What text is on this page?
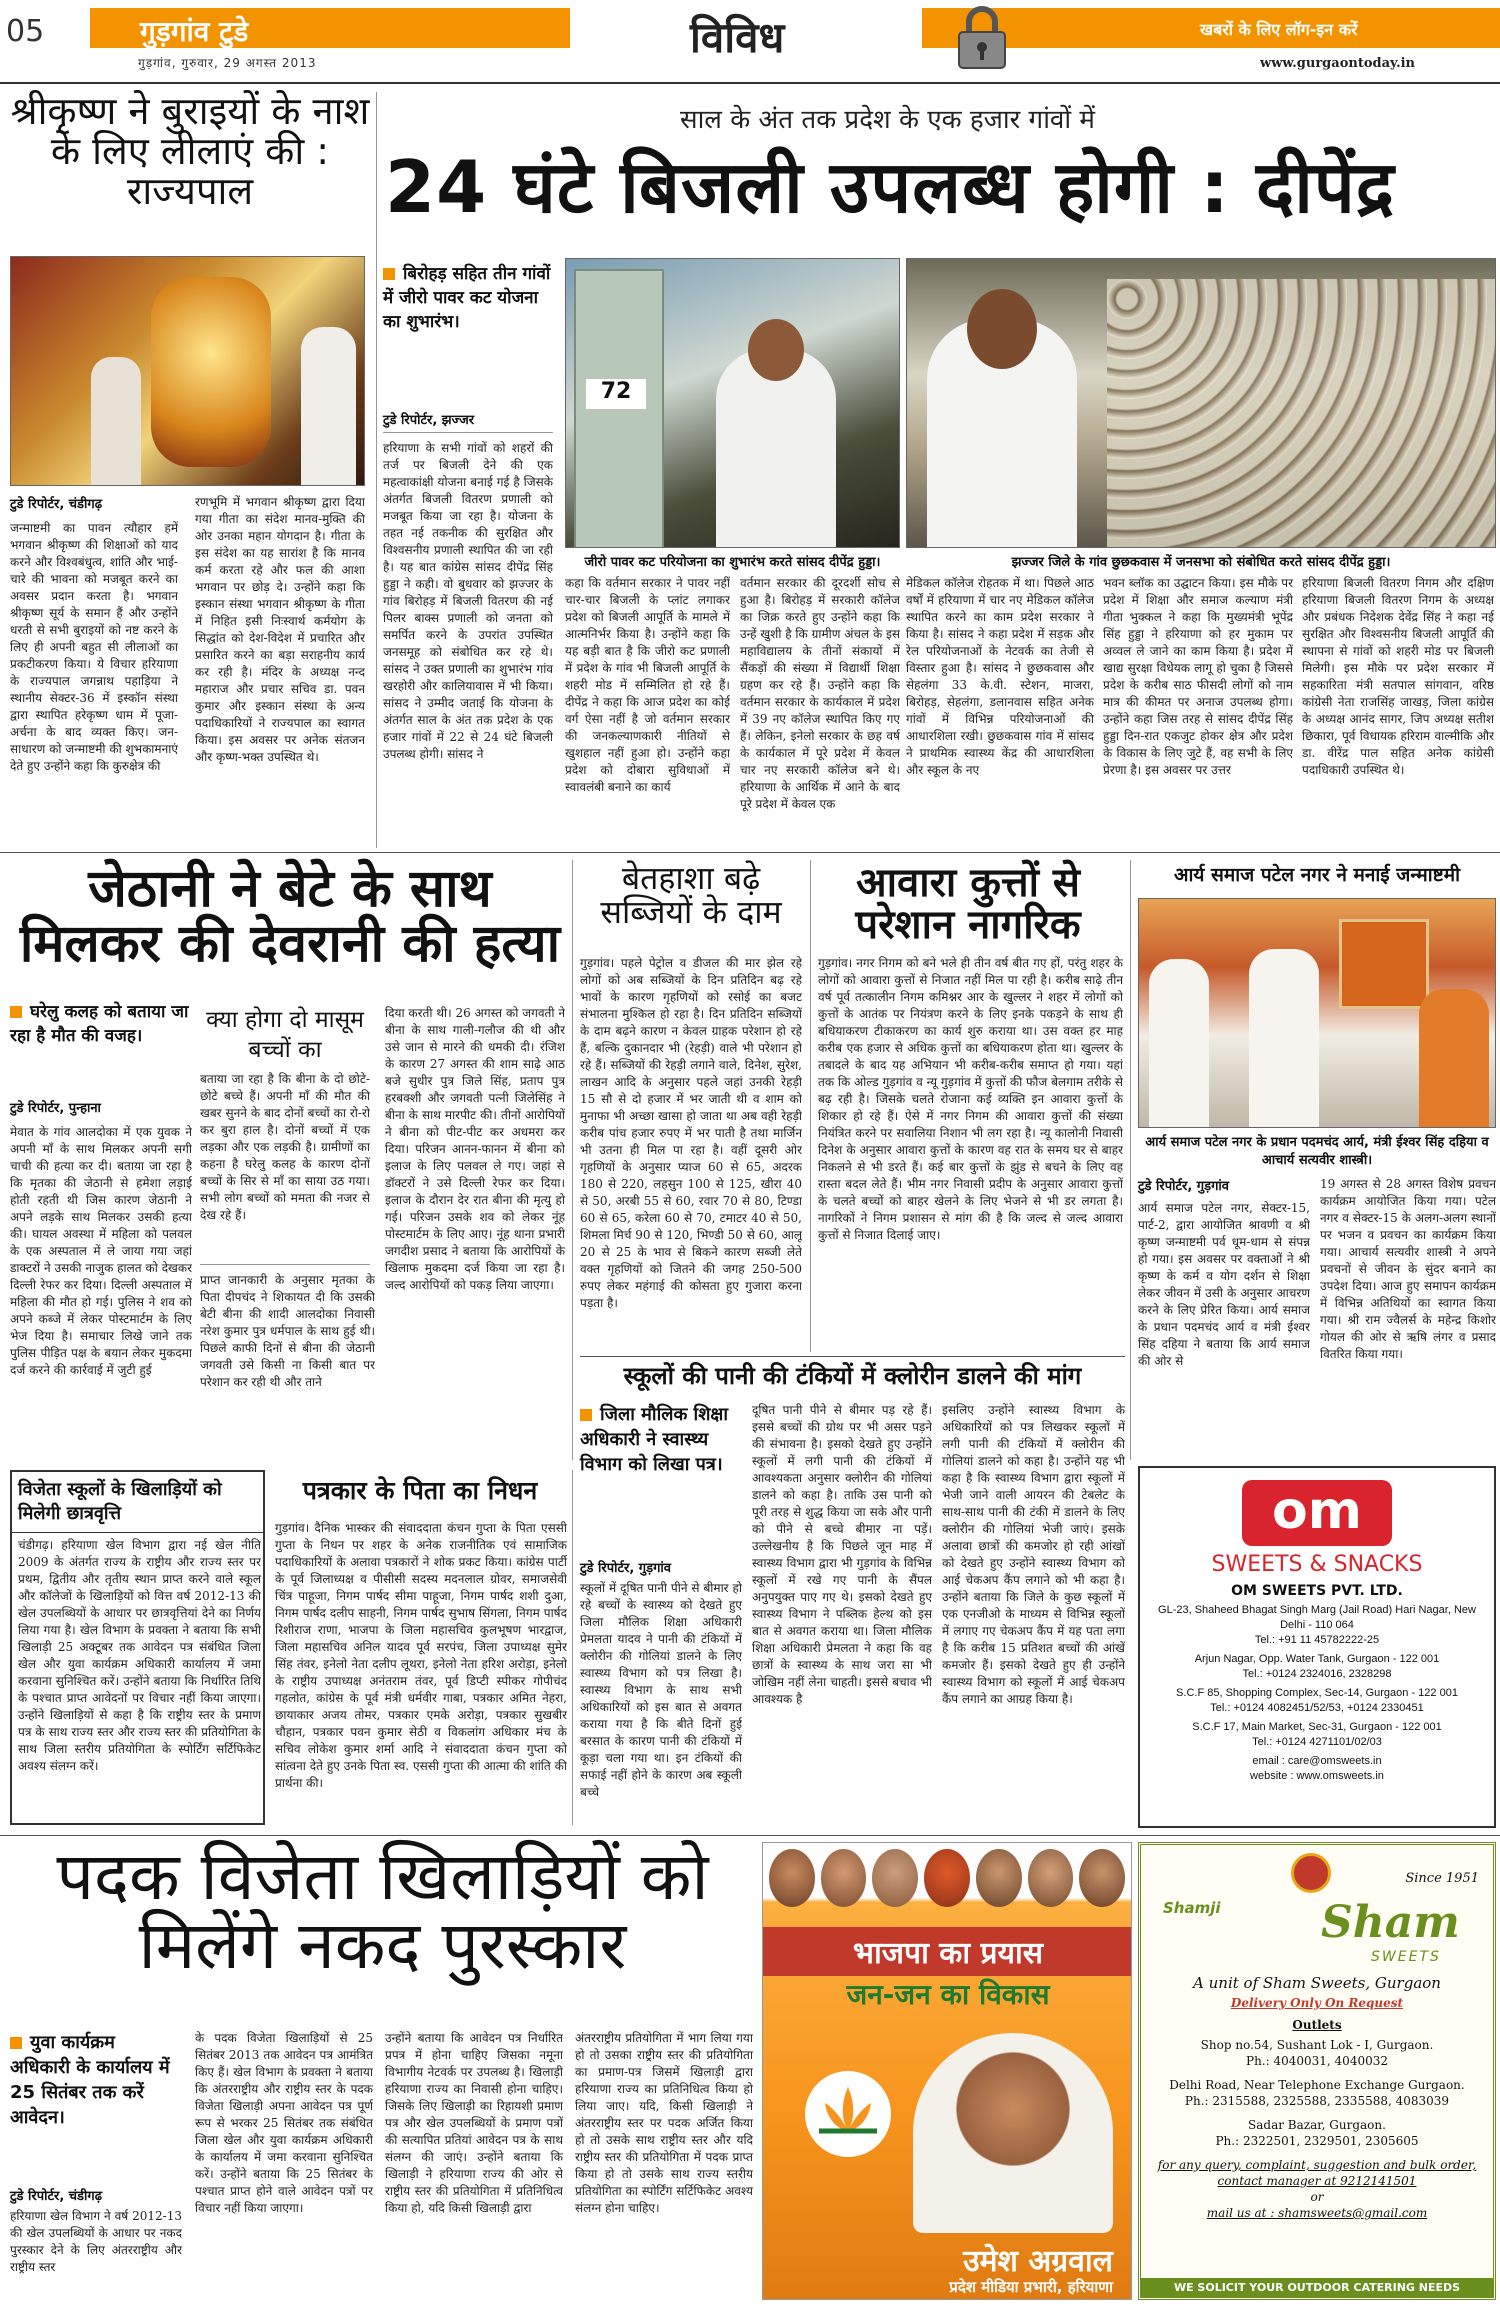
05	गुड़गांव टुडे
गुड़गांव, गुरुवार, 29 अगस्त 2013
विविध	खबरों के लिए लॉग-इन करें
www.gurgaontoday.in
श्रीकृष्ण ने बुराइयों के नाश के लिए लीलाएं की : राज्यपाल
टुडे रिपोर्टर, चंडीगढ़
जन्माष्टमी का पावन त्यौहार हमें भगवान श्रीकृष्ण की शिक्षाओं को याद करने और विश्वबंधुत्व, शांति और भाई-चारे की भावना को मजबूत करने का अवसर प्रदान करता है। भगवान श्रीकृष्ण सूर्य के समान हैं और उन्होंने धरती से सभी बुराइयों को नष्ट करने के लिए ही अपनी बहुत सी लीलाओं का प्रकटीकरण किया। ये विचार हरियाणा के राज्यपाल जगन्नाथ पहाड़िया ने स्थानीय सेक्टर-36 में इस्कॉन संस्था द्वारा स्थापित हरेकृष्ण धाम में पूजा-अर्चना के बाद व्यक्त किए। जन-साधारण को जन्माष्टमी की शुभकामनाएं देते हुए उन्होंने कहा कि कुरुक्षेत्र की
रणभूमि में भगवान श्रीकृष्ण द्वारा दिया गया गीता का संदेश मानव-मुक्ति की ओर उनका महान योगदान है। गीता के इस संदेश का यह सारांश है कि मानव कर्म करता रहे और फल की आशा भगवान पर छोड़ दे। उन्होंने कहा कि इस्कान संस्था भगवान श्रीकृष्ण के गीता में निहित इसी निःस्वार्थ कर्मयोग के सिद्धांत को देश-विदेश में प्रचारित और प्रसारित करने का बड़ा सराहनीय कार्य कर रही है। मंदिर के अध्यक्ष नन्द महाराज और प्रचार सचिव डा. पवन कुमार और इस्कान संस्था के अन्य पदाधिकारियों ने राज्यपाल का स्वागत किया। इस अवसर पर अनेक संतजन और कृष्ण-भक्त उपस्थित थे।
साल के अंत तक प्रदेश के एक हजार गांवों में
24 घंटे बिजली उपलब्ध होगी : दीपेंद्र
बिरोहड़ सहित तीन गांवों में जीरो पावर कट योजना का शुभारंभ।
टुडे रिपोर्टर, झज्जर
हरियाणा के सभी गांवों को शहरों की तर्ज पर बिजली देने की एक महत्वाकांक्षी योजना बनाई गई है जिसके अंतर्गत बिजली वितरण प्रणाली को मजबूत किया जा रहा है। योजना के तहत नई तकनीक की सुरक्षित और विश्वसनीय प्रणाली स्थापित की जा रही है। यह बात कांग्रेस सांसद दीपेंद्र सिंह हुड्डा ने कही। वो बुधवार को झज्जर के गांव बिरोहड़ में बिजली वितरण की नई पिलर बाक्स प्रणाली को जनता को समर्पित करने के उपरांत उपस्थित जनसमूह को संबोधित कर रहे थे। सांसद ने उक्त प्रणाली का शुभारंभ गांव खरहोरी और कालियावास में भी किया। सांसद ने उम्मीद जताई कि योजना के अंतर्गत साल के अंत तक प्रदेश के एक हजार गांवों में 22 से 24 घंटे बिजली उपलब्ध होगी। सांसद ने
72
जीरो पावर कट परियोजना का शुभारंभ करते सांसद दीपेंद्र हुड्डा।	झज्जर जिले के गांव छुछकवास में जनसभा को संबोधित करते सांसद दीपेंद्र हुड्डा।
कहा कि वर्तमान सरकार ने पावर नहीं चार-चार बिजली के प्लांट लगाकर प्रदेश को बिजली आपूर्ति के मामले में आत्मनिर्भर किया है। उन्होंने कहा कि यह बड़ी बात है कि जीरो कट प्रणाली में प्रदेश के गांव भी बिजली आपूर्ति के शहरी मोड में सम्मिलित हो रहे हैं। दीपेंद्र ने कहा कि आज प्रदेश का कोई वर्ग ऐसा नहीं है जो वर्तमान सरकार की जनकल्याणकारी नीतियों से खुशहाल नहीं हुआ हो। उन्होंने कहा प्रदेश को दोबारा सुविधाओं में स्वावलंबी बनाने का कार्य
वर्तमान सरकार की दूरदर्शी सोच से हुआ है। बिरोहड़ में सरकारी कॉलेज का जिक्र करते हुए उन्होंने कहा कि उन्हें खुशी है कि ग्रामीण अंचल के इस महाविद्यालय के तीनों संकायों में सैंकड़ों की संख्या में विद्यार्थी शिक्षा ग्रहण कर रहे हैं। उन्होंने कहा कि वर्तमान सरकार के कार्यकाल में प्रदेश में 39 नए कॉलेज स्थापित किए गए हैं। लेकिन, इनेलो सरकार के छह वर्ष के कार्यकाल में पूरे प्रदेश में केवल चार नए सरकारी कॉलेज बने थे। हरियाणा के आर्थिक में आने के बाद पूरे प्रदेश में केवल एक
मेडिकल कॉलेज रोहतक में था। पिछले आठ वर्षों में हरियाणा में चार नए मेडिकल कॉलेज स्थापित करने का काम प्रदेश सरकार ने किया है। सांसद ने कहा प्रदेश में सड़क और रेल परियोजनाओं के नेटवर्क का तेजी से विस्तार हुआ है। सांसद ने छुछकवास और सेहलंगा 33 के.वी. स्टेशन, माजरा, बिरोहड़, सेहलंगा, डलानवास सहित अनेक गांवों में विभिन्न परियोजनाओं की आधारशिला रखी। छुछकवास गांव में सांसद ने प्राथमिक स्वास्थ्य केंद्र की आधारशिला और स्कूल के नए
भवन ब्लॉक का उद्घाटन किया। इस मौके पर प्रदेश में शिक्षा और समाज कल्याण मंत्री गीता भुक्कल ने कहा कि मुख्यमंत्री भूपेंद्र सिंह हुड्डा ने हरियाणा को हर मुकाम पर अव्वल ले जाने का काम किया है। प्रदेश में खाद्य सुरक्षा विधेयक लागू हो चुका है जिससे प्रदेश के करीब साठ फीसदी लोगों को नाम मात्र की कीमत पर अनाज उपलब्ध होगा। उन्होंने कहा जिस तरह से सांसद दीपेंद्र सिंह हुड्डा दिन-रात एकजुट होकर क्षेत्र और प्रदेश के विकास के लिए जुटे हैं, वह सभी के लिए प्रेरणा है। इस अवसर पर उत्तर
हरियाणा बिजली वितरण निगम और दक्षिण हरियाणा बिजली वितरण निगम के अध्यक्ष और प्रबंधक निदेशक देवेंद्र सिंह ने कहा नई सुरक्षित और विश्वसनीय बिजली आपूर्ति की स्थापना से गांवों को शहरी मोड पर बिजली मिलेगी। इस मौके पर प्रदेश सरकार में सहकारिता मंत्री सतपाल सांगवान, वरिष्ठ कांग्रेसी नेता राजसिंह जाखड़, जिला कांग्रेस के अध्यक्ष आनंद सागर, जिप अध्यक्ष सतीश छिकारा, पूर्व विधायक हरिराम वाल्मीकि और डा. वीरेंद्र पाल सहित अनेक कांग्रेसी पदाधिकारी उपस्थित थे।
जेठानी ने बेटे के साथ मिलकर की देवरानी की हत्या
घरेलु कलह को बताया जा रहा है मौत की वजह।
टुडे रिपोर्टर, पुन्हाना
मेवात के गांव आलदोका में एक युवक ने अपनी माँ के साथ मिलकर अपनी सगी चाची की हत्या कर दी। बताया जा रहा है कि मृतका की जेठानी से हमेशा लड़ाई होती रहती थी जिस कारण जेठानी ने अपने लड़के साथ मिलकर उसकी हत्या की। घायल अवस्था में महिला को पलवल के एक अस्पताल में ले जाया गया जहां डाक्टरों ने उसकी नाजुक हालत को देखकर दिल्ली रेफर कर दिया। दिल्ली अस्पताल में महिला की मौत हो गई। पुलिस ने शव को अपने कब्जे में लेकर पोस्टमार्टम के लिए भेज दिया है। समाचार लिखे जाने तक पुलिस पीड़ित पक्ष के बयान लेकर मुकदमा दर्ज करने की कार्रवाई में जुटी हुई
क्या होगा दो मासूम बच्चों का
बताया जा रहा है कि बीना के दो छोटे-छोटे बच्चे हैं। अपनी माँ की मौत की खबर सुनने के बाद दोनों बच्चों का रो-रो कर बुरा हाल है। दोनों बच्चों में एक लड़का और एक लड़की है। ग्रामीणों का कहना है घरेलु कलह के कारण दोनों बच्चों के सिर से माँ का साया उठ गया। सभी लोग बच्चों को ममता की नजर से देख रहे हैं।
प्राप्त जानकारी के अनुसार मृतका के पिता दीपचंद ने शिकायत दी कि उसकी बेटी बीना की शादी आलदोका निवासी नरेश कुमार पुत्र धर्मपाल के साथ हुई थी। पिछले काफी दिनों से बीना की जेठानी जगवती उसे किसी ना किसी बात पर परेशान कर रही थी और ताने
दिया करती थी। 26 अगस्त को जगवती ने बीना के साथ गाली-गलौज की थी और उसे जान से मारने की धमकी दी। रंजिश के कारण 27 अगस्त की शाम साढ़े आठ बजे सुधीर पुत्र जिले सिंह, प्रताप पुत्र हरबक्शी और जगवती पत्नी जिलेसिंह ने बीना के साथ मारपीट की। तीनों आरोपियों ने बीना को पीट-पीट कर अधमरा कर दिया। परिजन आनन-फानन में बीना को इलाज के लिए पलवल ले गए। जहां से डॉक्टरों ने उसे दिल्ली रेफर कर दिया। इलाज के दौरान देर रात बीना की मृत्यु हो गई। परिजन उसके शव को लेकर नूंह पोस्टमार्टम के लिए आए। नूंह थाना प्रभारी जगदीश प्रसाद ने बताया कि आरोपियों के खिलाफ मुकदमा दर्ज किया जा रहा है। जल्द आरोपियों को पकड़ लिया जाएगा।
बेतहाशा बढ़े सब्जियों के दाम
गुड़गांव। पहले पेट्रोल व डीजल की मार झेल रहे लोगों को अब सब्जियों के दिन प्रतिदिन बढ़ रहे भावों के कारण गृहणियों को रसोई का बजट संभालना मुश्किल हो रहा है। दिन प्रतिदिन सब्जियों के दाम बढ़ने कारण न केवल ग्राहक परेशान हो रहे हैं, बल्कि दुकानदार भी (रेहड़ी) वाले भी परेशान हो रहे हैं। सब्जियों की रेहड़ी लगाने वाले, दिनेश, सुरेश, लाखन आदि के अनुसार पहले जहां उनकी रेहड़ी 15 सौ से दो हजार में भर जाती थी व शाम को मुनाफा भी अच्छा खासा हो जाता था अब वही रेहड़ी करीब पांच हजार रुपए में भर पाती है तथा मार्जिन भी उतना ही मिल पा रहा है। वहीं दूसरी ओर गृहणियों के अनुसार प्याज 60 से 65, अदरक 180 से 220, लहसुन 100 से 125, खीरा 40 से 50, अरबी 55 से 60, रवार 70 से 80, टिण्डा 60 से 65, करेला 60 से 70, टमाटर 40 से 50, शिमला मिर्च 90 से 120, भिण्डी 50 से 60, आलू 20 से 25 के भाव से बिकने कारण सब्जी लेते वक्त गृहणियों को जितने की जगह 250-500 रुपए लेकर महंगाई की कोसता हुए गुजारा करना पड़ता है।
आवारा कुत्तों से परेशान नागरिक
गुड़गांव। नगर निगम को बने भले ही तीन वर्ष बीत गए हों, परंतु शहर के लोगों को आवारा कुत्तों से निजात नहीं मिल पा रही है। करीब साढ़े तीन वर्ष पूर्व तत्कालीन निगम कमिश्नर आर के खुल्लर ने शहर में लोगों को कुत्तों के आतंक पर नियंत्रण करने के लिए इनके पकड़ने के साथ ही बधियाकरण टीकाकरण का कार्य शुरु कराया था। उस वक्त हर माह करीब एक हजार से अधिक कुत्तों का बधियाकरण होता था। खुल्लर के तबादले के बाद यह अभियान भी करीब-करीब समाप्त हो गया। यहां तक कि ओल्ड गुड़गांव व न्यू गुड़गांव में कुत्तों की फौज बेलगाम तरीके से बढ़ रही है। जिसके चलते रोजाना कई व्यक्ति इन आवारा कुत्तों के शिकार हो रहे हैं। ऐसे में नगर निगम की आवारा कुत्तों की संख्या नियंत्रित करने पर सवालिया निशान भी लग रहा है। न्यू कालोनी निवासी दिनेश के अनुसार आवारा कुत्तों के कारण वह रात के समय घर से बाहर निकलने से भी डरते हैं। कई बार कुत्तों के झुंड से बचने के लिए वह रास्ता बदल लेते हैं। भीम नगर निवासी प्रदीप के अनुसार आवारा कुत्तों के चलते बच्चों को बाहर खेलने के लिए भेजने से भी डर लगता है। नागरिकों ने निगम प्रशासन से मांग की है कि जल्द से जल्द आवारा कुत्तों से निजात दिलाई जाए।
आर्य समाज पटेल नगर ने मनाई जन्माष्टमी
आर्य समाज पटेल नगर के प्रधान पदमचंद आर्य, मंत्री ईश्वर सिंह दहिया व आचार्य सत्यवीर शास्त्री।
टुडे रिपोर्टर, गुड़गांव
आर्य समाज पटेल नगर, सेक्टर-15, पार्ट-2, द्वारा आयोजित श्रावणी व श्री कृष्ण जन्माष्टमी पर्व धूम-धाम से संपन्न हो गया। इस अवसर पर वक्ताओं ने श्री कृष्ण के कर्म व योग दर्शन से शिक्षा लेकर जीवन में उसी के अनुसार आचरण करने के लिए प्रेरित किया। आर्य समाज के प्रधान पदमचंद आर्य व मंत्री ईश्वर सिंह दहिया ने बताया कि आर्य समाज की ओर से
19 अगस्त से 28 अगस्त विशेष प्रवचन कार्यक्रम आयोजित किया गया। पटेल नगर व सेक्टर-15 के अलग-अलग स्थानों पर भजन व प्रवचन का कार्यक्रम किया गया। आचार्य सत्यवीर शास्त्री ने अपने प्रवचनों से जीवन के सुंदर बनाने का उपदेश दिया। आज हुए समापन कार्यक्रम में विभिन्न अतिथियों का स्वागत किया गया। श्री राम ज्वैलर्स के महेन्द्र किशोर गोयल की ओर से ऋषि लंगर व प्रसाद वितरित किया गया।
स्कूलों की पानी की टंकियों में क्लोरीन डालने की मांग
जिला मौलिक शिक्षा अधिकारी ने स्वास्थ्य विभाग को लिखा पत्र।
टुडे रिपोर्टर, गुड़गांव
स्कूलों में दूषित पानी पीने से बीमार हो रहे बच्चों के स्वास्थ्य को देखते हुए जिला मौलिक शिक्षा अधिकारी प्रेमलता यादव ने पानी की टंकियों में क्लोरीन की गोलियां डालने के लिए स्वास्थ्य विभाग को पत्र लिखा है। स्वास्थ्य विभाग के साथ सभी अधिकारियों को इस बात से अवगत कराया गया है कि बीते दिनों हुई बरसात के कारण पानी की टंकियों में कूड़ा चला गया था। इन टंकियों की सफाई नहीं होने के कारण अब स्कूली बच्चे
दूषित पानी पीने से बीमार पड़ रहे हैं। इससे बच्चों की ग्रोथ पर भी असर पड़ने की संभावना है। इसको देखते हुए उन्होंने स्कूलों में लगी पानी की टंकियों में आवश्यकता अनुसार क्लोरीन की गोलियां डालने को कहा है। ताकि उस पानी को पूरी तरह से शुद्ध किया जा सके और पानी को पीने से बच्चे बीमार ना पड़ें। उल्लेखनीय है कि पिछले जून माह में स्वास्थ्य विभाग द्वारा भी गुड़गांव के विभिन्न स्कूलों में रखे गए पानी के सैंपल अनुपयुक्त पाए गए थे। इसको देखते हुए स्वास्थ्य विभाग ने पब्लिक हेल्थ को इस बात से अवगत कराया था। जिला मौलिक शिक्षा अधिकारी प्रेमलता ने कहा कि वह छात्रों के स्वास्थ्य के साथ जरा सा भी जोखिम नहीं लेना चाहती। इससे बचाव भी आवश्यक है
इसलिए उन्होंने स्वास्थ्य विभाग के अधिकारियों को पत्र लिखकर स्कूलों में लगी पानी की टंकियों में क्लोरीन की गोलियां डालने को कहा है। उन्होंने यह भी कहा है कि स्वास्थ्य विभाग द्वारा स्कूलों में भेजी जाने वाली आयरन की टेबलेट के साथ-साथ पानी की टंकी में डालने के लिए क्लोरीन की गोलियां भेजी जाएं। इसके अलावा छात्रों की कमजोर हो रही आंखों को देखते हुए उन्होंने स्वास्थ्य विभाग को आई चेकअप कैंप लगाने को भी कहा है। उन्होंने बताया कि जिले के कुछ स्कूलों में एक एनजीओ के माध्यम से विभिन्न स्कूलों में लगाए गए चेकअप कैंप में यह पता लगा है कि करीब 15 प्रतिशत बच्चों की आंखें कमजोर हैं। इसको देखते हुए ही उन्होंने स्वास्थ्य विभाग को स्कूलों में आई चेकअप कैंप लगाने का आग्रह किया है।
विजेता स्कूलों के खिलाड़ियों को मिलेगी छात्रवृत्ति
चंडीगढ़। हरियाणा खेल विभाग द्वारा नई खेल नीति 2009 के अंतर्गत राज्य के राष्ट्रीय और राज्य स्तर पर प्रथम, द्वितीय और तृतीय स्थान प्राप्त करने वाले स्कूल और कॉलेजों के खिलाड़ियों को वित्त वर्ष 2012-13 की खेल उपलब्धियों के आधार पर छात्रवृत्तियां देने का निर्णय लिया गया है। खेल विभाग के प्रवक्ता ने बताया कि सभी खिलाड़ी 25 अक्टूबर तक आवेदन पत्र संबंधित जिला खेल और युवा कार्यक्रम अधिकारी कार्यालय में जमा करवाना सुनिश्चित करें। उन्होंने बताया कि निर्धारित तिथि के पश्चात प्राप्त आवेदनों पर विचार नहीं किया जाएगा। उन्होंने खिलाड़ियों से कहा है कि राष्ट्रीय स्तर के प्रमाण पत्र के साथ राज्य स्तर और राज्य स्तर की प्रतियोगिता के साथ जिला स्तरीय प्रतियोगिता के स्पोर्टिंग सर्टिफिकेट अवश्य संलग्न करें।
पत्रकार के पिता का निधन
गुड़गांव। दैनिक भास्कर की संवाददाता कंचन गुप्ता के पिता एससी गुप्ता के निधन पर शहर के अनेक राजनीतिक एवं सामाजिक पदाधिकारियों के अलावा पत्रकारों ने शोक प्रकट किया। कांग्रेस पार्टी के पूर्व जिलाध्यक्ष व पीसीसी सदस्य मदनलाल ग्रोवर, समाजसेवी चिंत्र पाहूजा, निगम पार्षद सीमा पाहूजा, निगम पार्षद शशी दुआ, निगम पार्षद दलीप साहनी, निगम पार्षद सुभाष सिंगला, निगम पार्षद रिशीराज राणा, भाजपा के जिला महासचिव कुलभूषण भारद्वाज, जिला महासचिव अनिल यादव पूर्व सरपंच, जिला उपाध्यक्ष सुमेर सिंह तंवर, इनेलो नेता दलीप लूथरा, इनेलो नेता हरिश अरोड़ा, इनेलो के राष्ट्रीय उपाध्यक्ष अनंतराम तंवर, पूर्व डिप्टी स्पीकर गोपीचंद गहलोत, कांग्रेस के पूर्व मंत्री धर्मवीर गाबा, पत्रकार अमित नेहरा, छायाकार अजय तोमर, पत्रकार एमके अरोड़ा, पत्रकार सुखबीर चौहान, पत्रकार पवन कुमार सेठी व विकलांग अधिकार मंच के सचिव लोकेश कुमार शर्मा आदि ने संवाददाता कंचन गुप्ता को सांत्वना देते हुए उनके पिता स्व. एससी गुप्ता की आत्मा की शांति की प्रार्थना की।
om
SWEETS & SNACKS
OM SWEETS PVT. LTD.
GL-23, Shaheed Bhagat Singh Marg (Jail Road) Hari Nagar, New Delhi - 110 064
Tel.: +91 11 45782222-25
Arjun Nagar, Opp. Water Tank, Gurgaon - 122 001
Tel.: +0124 2324016, 2328298
S.C.F 85, Shopping Complex, Sec-14, Gurgaon - 122 001
Tel.: +0124 4082451/52/53, +0124 2330451
S.C.F 17, Main Market, Sec-31, Gurgaon - 122 001
Tel.: +0124 4271101/02/03
email : care@omsweets.in
website : www.omsweets.in
पदक विजेता खिलाड़ियों को मिलेंगे नकद पुरस्कार
युवा कार्यक्रम अधिकारी के कार्यालय में 25 सितंबर तक करें आवेदन।
टुडे रिपोर्टर, चंडीगढ़
हरियाणा खेल विभाग ने वर्ष 2012-13 की खेल उपलब्धियों के आधार पर नकद पुरस्कार देने के लिए अंतरराष्ट्रीय और राष्ट्रीय स्तर
के पदक विजेता खिलाड़ियों से 25 सितंबर 2013 तक आवेदन पत्र आमंत्रित किए हैं। खेल विभाग के प्रवक्ता ने बताया कि अंतरराष्ट्रीय और राष्ट्रीय स्तर के पदक विजेता खिलाड़ी अपना आवेदन पत्र पूर्ण रूप से भरकर 25 सितंबर तक संबंधित जिला खेल और युवा कार्यक्रम अधिकारी के कार्यालय में जमा करवाना सुनिश्चित करें। उन्होंने बताया कि 25 सितंबर के पश्चात प्राप्त होने वाले आवेदन पत्रों पर विचार नहीं किया जाएगा।
उन्होंने बताया कि आवेदन पत्र निर्धारित प्रपत्र में होना चाहिए जिसका नमूना विभागीय नेटवर्क पर उपलब्ध है। खिलाड़ी हरियाणा राज्य का निवासी होना चाहिए। जिसके लिए खिलाड़ी का रिहायशी प्रमाण पत्र और खेल उपलब्धियों के प्रमाण पत्रों की सत्यापित प्रतियां आवेदन पत्र के साथ संलग्न की जाएं। उन्होंने बताया कि खिलाड़ी ने हरियाणा राज्य की ओर से राष्ट्रीय स्तर की प्रतियोगिता में प्रतिनिधित्व किया हो, यदि किसी खिलाड़ी द्वारा
अंतरराष्ट्रीय प्रतियोगिता में भाग लिया गया हो तो उसका राष्ट्रीय स्तर की प्रतियोगिता का प्रमाण-पत्र जिसमें खिलाड़ी द्वारा हरियाणा राज्य का प्रतिनिधित्व किया हो लिया जाए। यदि, किसी खिलाड़ी ने अंतरराष्ट्रीय स्तर पर पदक अर्जित किया हो तो उसके साथ राष्ट्रीय स्तर और यदि राष्ट्रीय स्तर की प्रतियोगिता में पदक प्राप्त किया हो तो उसके साथ राज्य स्तरीय प्रतियोगिता का स्पोर्टिंग सर्टिफिकेट अवश्य संलग्न होना चाहिए।
भाजपा का प्रयास
जन-जन का विकास
उमेश अग्रवाल
प्रदेश मीडिया प्रभारी, हरियाणा
Since 1951
Shamji Sham
SWEETS
A unit of Sham Sweets, Gurgaon
Delivery Only On Request
Outlets
Shop no.54, Sushant Lok - I, Gurgaon.
Ph.: 4040031, 4040032
Delhi Road, Near Telephone Exchange Gurgaon.
Ph.: 2315588, 2325588, 2335588, 4083039
Sadar Bazar, Gurgaon.
Ph.: 2322501, 2329501, 2305605
for any query, complaint, suggestion and bulk order, contact manager at 9212141501
or
mail us at : shamsweets@gmail.com
WE SOLICIT YOUR OUTDOOR CATERING NEEDS
